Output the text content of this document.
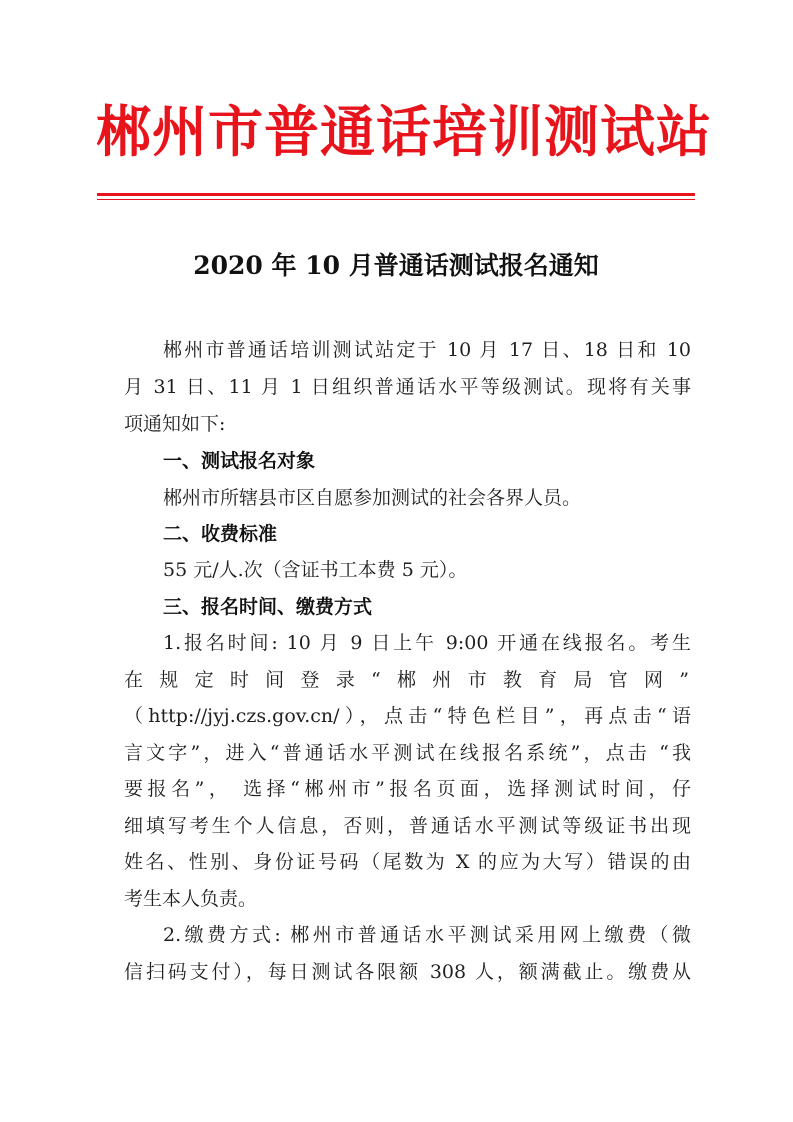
郴州市普通话培训测试站
2020 年 10 月普通话测试报名通知
郴州市普通话培训测试站定于 10 月 17 日、18 日和 10
月 31 日、11 月 1 日组织普通话水平等级测试。现将有关事
项通知如下:
一、测试报名对象
郴州市所辖县市区自愿参加测试的社会各界人员。
二、收费标准
55 元/人.次（含证书工本费 5 元）。
三、报名时间、缴费方式
1.报名时间: 10 月 9 日上午 9:00 开通在线报名。考生
在规定时间登录“郴州市教育局官网”
（http://jyj.czs.gov.cn/），点击“特色栏目”，再点击“语
言文字”，进入“普通话水平测试在线报名系统”，点击 “我
要报名”， 选择“郴州市”报名页面，选择测试时间，仔
细填写考生个人信息，否则，普通话水平测试等级证书出现
姓名、性别、身份证号码（尾数为 X 的应为大写）错误的由
考生本人负责。
2.缴费方式: 郴州市普通话水平测试采用网上缴费（微
信扫码支付），每日测试各限额 308 人，额满截止。缴费从
